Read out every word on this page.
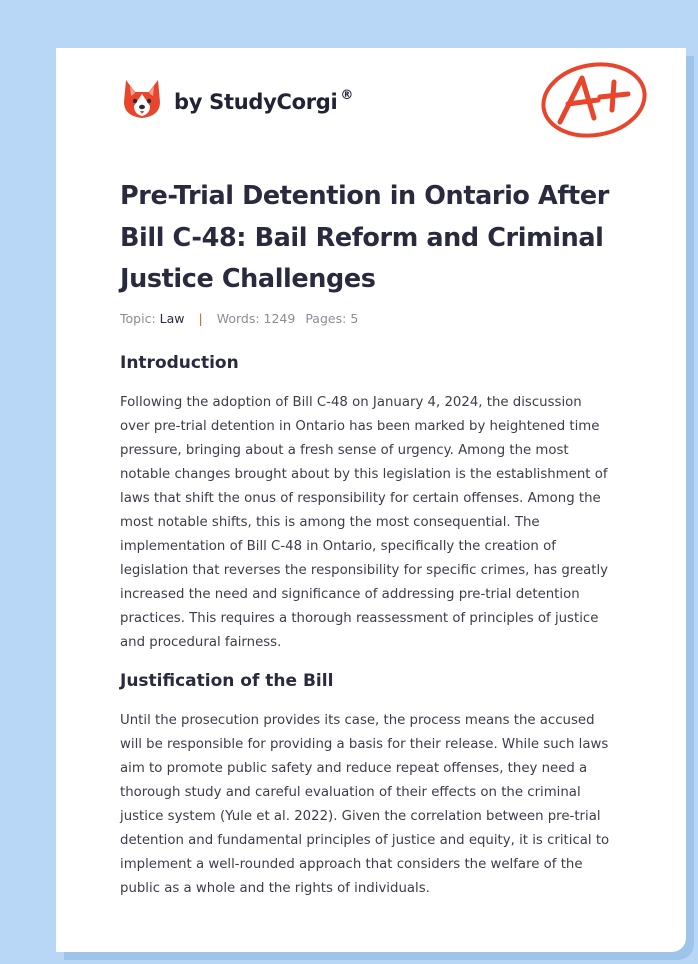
by StudyCorgi ®
Pre-Trial Detention in Ontario After
Bill C-48: Bail Reform and Criminal
Justice Challenges
Topic: Law | Words: 1249 Pages: 5
Introduction

Following the adoption of Bill C-48 on January 4, 2024, the discussion
over pre-trial detention in Ontario has been marked by heightened time
pressure, bringing about a fresh sense of urgency. Among the most
notable changes brought about by this legislation is the establishment of
laws that shift the onus of responsibility for certain offenses. Among the
most notable shifts, this is among the most consequential. The
implementation of Bill C-48 in Ontario, specifically the creation of
legislation that reverses the responsibility for specific crimes, has greatly
increased the need and significance of addressing pre-trial detention
practices. This requires a thorough reassessment of principles of justice
and procedural fairness.

Justification of the Bill

Until the prosecution provides its case, the process means the accused
will be responsible for providing a basis for their release. While such laws
aim to promote public safety and reduce repeat offenses, they need a
thorough study and careful evaluation of their effects on the criminal
justice system (Yule et al. 2022). Given the correlation between pre-trial
detention and fundamental principles of justice and equity, it is critical to
implement a well-rounded approach that considers the welfare of the
public as a whole and the rights of individuals.
